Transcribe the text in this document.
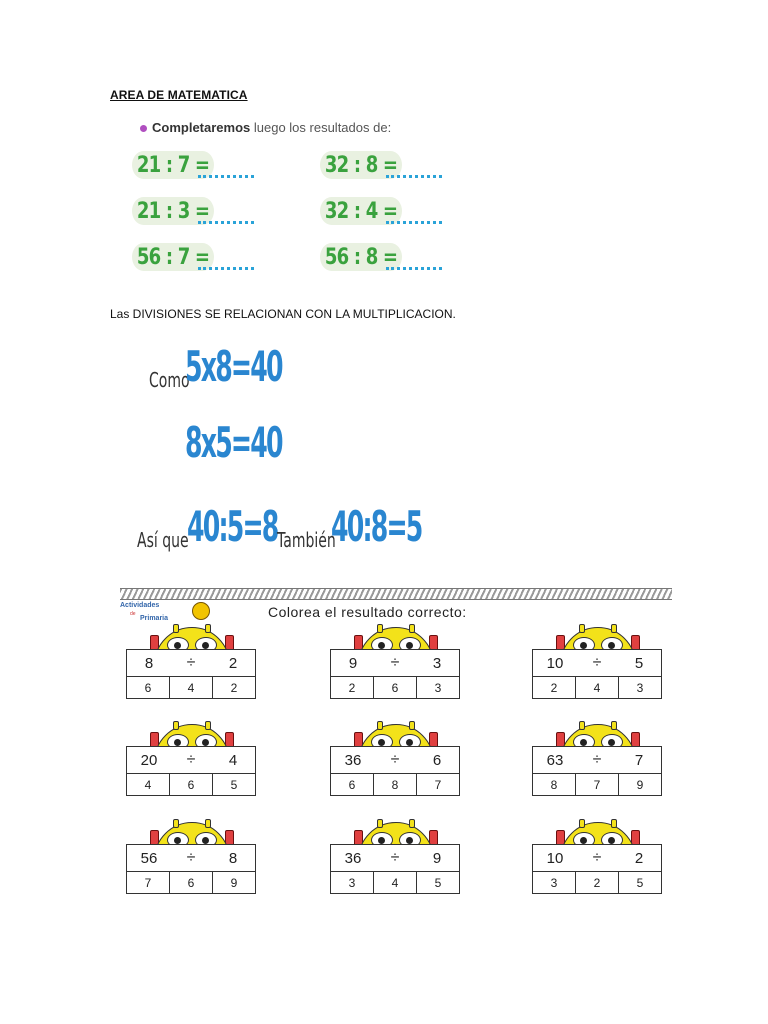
AREA DE MATEMATICA
Completaremos luego los resultados de:
21 : 7 =	32 : 8 =
21 : 3 =	32 : 4 =
56 : 7 =	56 : 8 =
Las DIVISIONES SE RELACIONAN CON LA MULTIPLICACION.
Como
5x8=40
8x5=40
Así que
40:5=8 También
40:8=5
Actividades
de
Primaria	Colorea el resultado correcto:
8	÷	2
6	4	2
9	÷	3
2	6	3
10	÷	5
2	4	3
20	÷	4
4	6	5
36	÷	6
6	8	7
63	÷	7
8	7	9
56	÷	8
7	6	9
36	÷	9
3	4	5
10	÷	2
3	2	5
